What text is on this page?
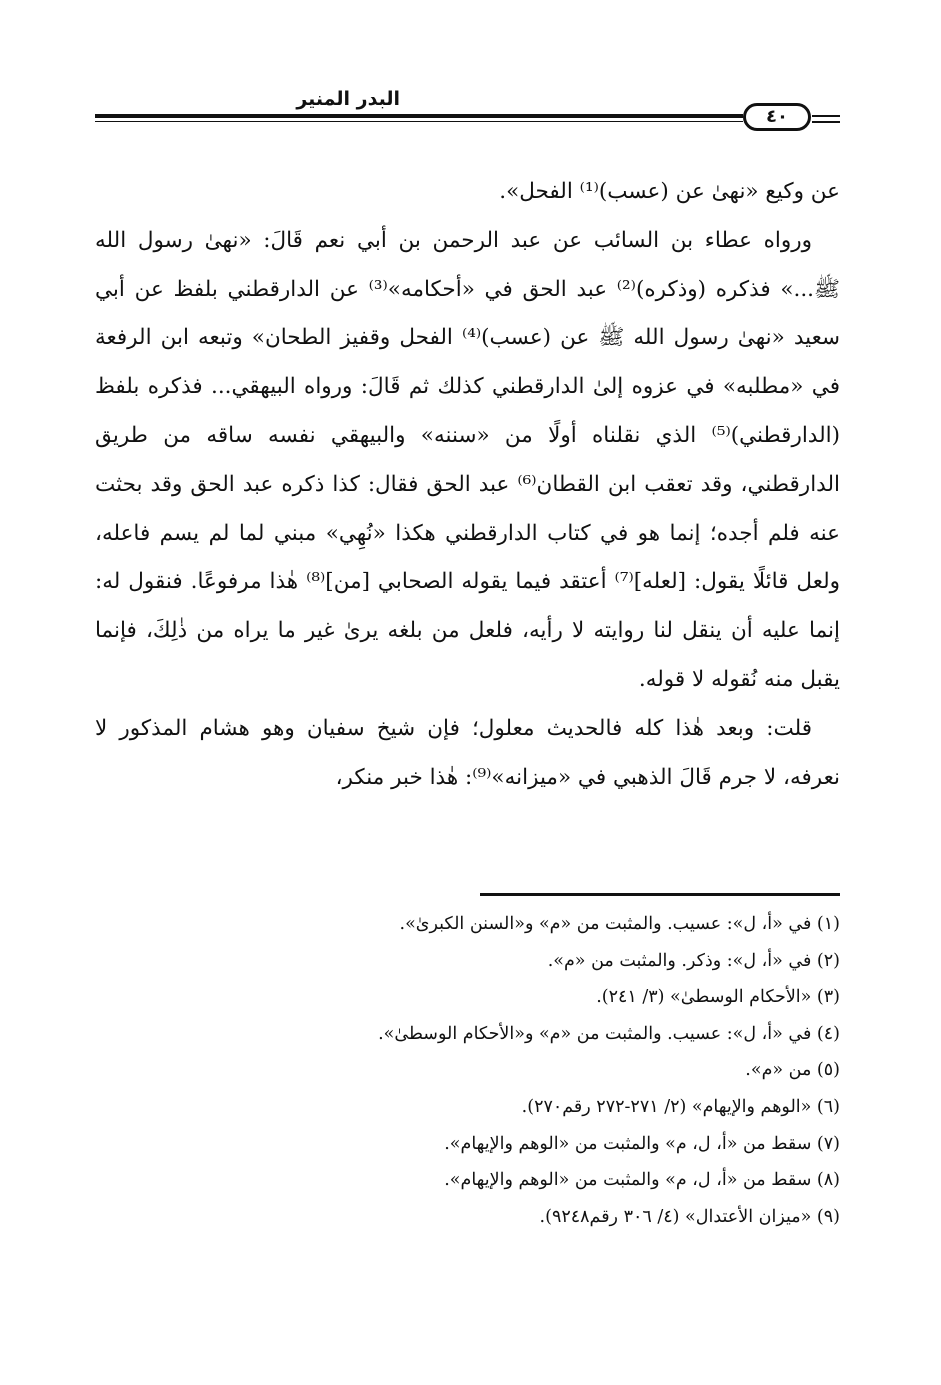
البدر المنير
٤٠

عن وكيع «نهىٰ عن (عسب)⁽¹⁾ الفحل».

ورواه عطاء بن السائب عن عبد الرحمن بن أبي نعم قَالَ: «نهىٰ رسول الله ﷺ...» فذكره (وذكره)⁽²⁾ عبد الحق في «أحكامه»⁽³⁾ عن الدارقطني بلفظ عن أبي سعيد «نهىٰ رسول الله ﷺ عن (عسب)⁽⁴⁾ الفحل وقفيز الطحان» وتبعه ابن الرفعة في «مطلبه» في عزوه إلىٰ الدارقطني كذلك ثم قَالَ: ورواه البيهقي... فذكره بلفظ (الدارقطني)⁽⁵⁾ الذي نقلناه أولًا من «سننه» والبيهقي نفسه ساقه من طريق الدارقطني، وقد تعقب ابن القطان⁽⁶⁾ عبد الحق فقال: كذا ذكره عبد الحق وقد بحثت عنه فلم أجده؛ إنما هو في كتاب الدارقطني هكذا «نُهِي» مبني لما لم يسم فاعله، ولعل قائلًا يقول: [لعله]⁽⁷⁾ أعتقد فيما يقوله الصحابي [من]⁽⁸⁾ هٰذا مرفوعًا. فنقول له: إنما عليه أن ينقل لنا روايته لا رأيه، فلعل من بلغه يرىٰ غير ما يراه من ذٰلِكَ، فإنما يقبل منه نُقوله لا قوله.

قلت: وبعد هٰذا كله فالحديث معلول؛ فإن شيخ سفيان وهو هشام المذكور لا نعرفه، لا جرم قَالَ الذهبي في «ميزانه»⁽⁹⁾: هٰذا خبر منكر،

(١) في «أ، ل»: عسيب. والمثبت من «م» و«السنن الكبرىٰ».

(٢) في «أ، ل»: وذكر. والمثبت من «م».

(٣) «الأحكام الوسطىٰ» (٣/ ٢٤١).

(٤) في «أ، ل»: عسيب. والمثبت من «م» و«الأحكام الوسطىٰ».

(٥) من «م».

(٦) «الوهم والإيهام» (٢/ ٢٧١-٢٧٢ رقم٢٧٠).

(٧) سقط من «أ، ل، م» والمثبت من «الوهم والإيهام».

(٨) سقط من «أ، ل، م» والمثبت من «الوهم والإيهام».

(٩) «ميزان الأعتدال» (٤/ ٣٠٦ رقم٩٢٤٨).
